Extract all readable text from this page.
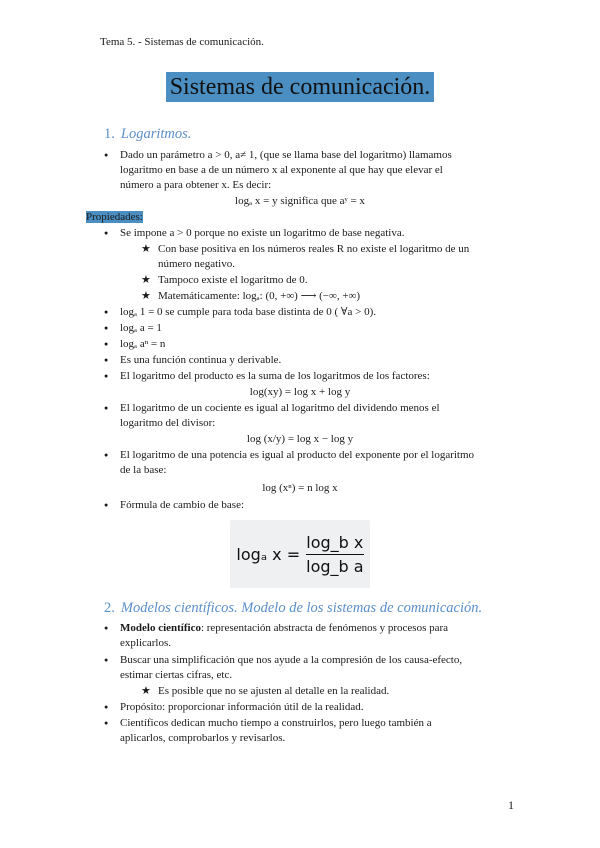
Tema 5. - Sistemas de comunicación.
Sistemas de comunicación.
1. Logaritmos.
●
Dado un parámetro a > 0, a≠ 1, (que se llama base del logaritmo) llamamos
logaritmo en base a de un número x al exponente al que hay que elevar el
número a para obtener x. Es decir:
logₐ x = y significa que aʸ = x
Propiedades:
●
Se impone a > 0 porque no existe un logaritmo de base negativa.
★ Con base positiva en los números reales R no existe el logaritmo de un
número negativo.
★ Tampoco existe el logaritmo de 0.
★ Matemáticamente: logₐ: (0, +∞) ⟶ (−∞, +∞)
●
logₐ 1 = 0 se cumple para toda base distinta de 0 ( ∀a > 0).
●
logₐ a = 1
●
logₐ aⁿ = n
●
Es una función continua y derivable.
●
El logaritmo del producto es la suma de los logaritmos de los factores:
log(xy) = log x + log y
●
El logaritmo de un cociente es igual al logaritmo del dividendo menos el
logaritmo del divisor:
log (x/y) = log x − log y
●
El logaritmo de una potencia es igual al producto del exponente por el logaritmo
de la base:
log (xⁿ) = n log x
●
Fórmula de cambio de base:
logₐ $x = \frac{\text{log\_b x}}{\text{log\_b a}}$
2. Modelos científicos. Modelo de los sistemas de comunicación.
●
Modelo científico: representación abstracta de fenómenos y procesos para
explicarlos.
●
Buscar una simplificación que nos ayude a la compresión de los causa-efecto,
estimar ciertas cifras, etc.
★ Es posible que no se ajusten al detalle en la realidad.
●
Propósito: proporcionar información útil de la realidad.
●
Científicos dedican mucho tiempo a construirlos, pero luego también a
aplicarlos, comprobarlos y revisarlos.
1
